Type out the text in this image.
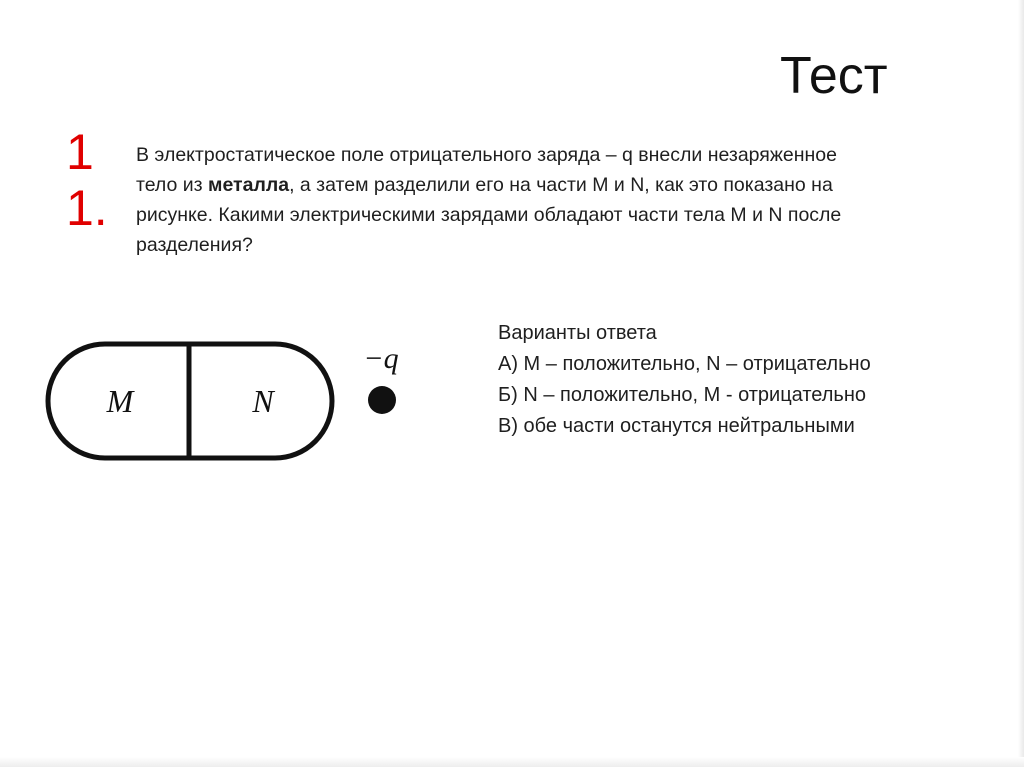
Тест
1
1.
В электростатическое поле отрицательного заряда – q внесли незаряженное тело из металла, а затем разделили его на части M и N, как это показано на рисунке. Какими электрическими зарядами обладают части тела M и N после разделения?
Варианты ответа
А) M – положительно, N – отрицательно
Б) N – положительно, M - отрицательно
В) обе части останутся нейтральными
M	N
−q
